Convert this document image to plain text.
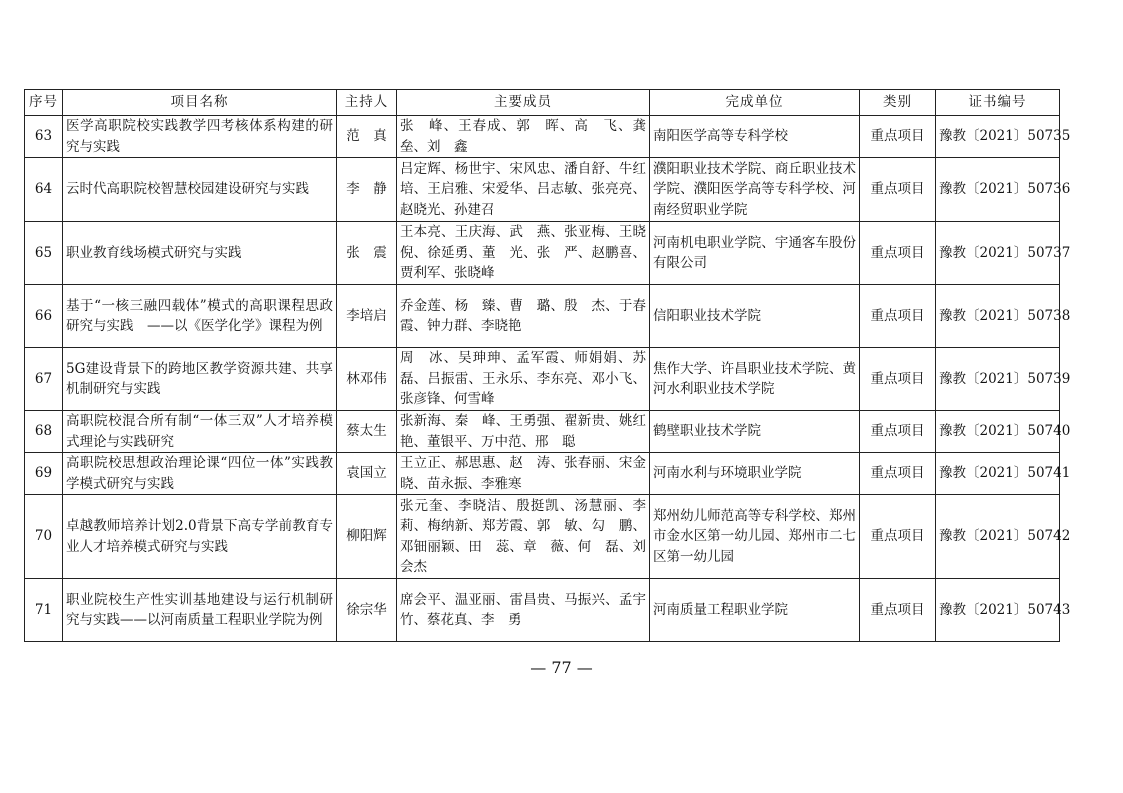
序号	项目名称	主持人	主要成员	完成单位	类别	证书编号
63	医学高职院校实践教学四考核体系构建的研究与实践	范　真	张　峰、王春成、郭　晖、高　飞、龚　垒、刘　鑫	南阳医学高等专科学校	重点项目	豫教〔2021〕50735
64	云时代高职院校智慧校园建设研究与实践	李　静	吕定辉、杨世宇、宋风忠、潘自舒、牛红培、王启雅、宋爱华、吕志敏、张亮亮、赵晓光、孙建召	濮阳职业技术学院、商丘职业技术学院、濮阳医学高等专科学校、河南经贸职业学院	重点项目	豫教〔2021〕50736
65	职业教育线场模式研究与实践	张　震	王本亮、王庆海、武　燕、张亚梅、王晓倪、徐延勇、董　光、张　严、赵鹏喜、贾利军、张晓峰	河南机电职业学院、宇通客车股份有限公司	重点项目	豫教〔2021〕50737
66	基于“一核三融四载体”模式的高职课程思政研究与实践　——以《医学化学》课程为例	李培启	乔金莲、杨　臻、曹　璐、殷　杰、于春霞、钟力群、李晓艳	信阳职业技术学院	重点项目	豫教〔2021〕50738
67	5G建设背景下的跨地区教学资源共建、共享机制研究与实践	林邓伟	周　冰、吴珅珅、孟军霞、师娟娟、苏　磊、吕振雷、王永乐、李东亮、邓小飞、张彦锋、何雪峰	焦作大学、许昌职业技术学院、黄河水利职业技术学院	重点项目	豫教〔2021〕50739
68	高职院校混合所有制“一体三双”人才培养模式理论与实践研究	蔡太生	张新海、秦　峰、王勇强、翟新贵、姚红艳、董银平、万中范、邢　聪	鹤壁职业技术学院	重点项目	豫教〔2021〕50740
69	高职院校思想政治理论课“四位一体”实践教学模式研究与实践	袁国立	王立正、郝思惠、赵　涛、张春丽、宋金晓、苗永振、李雅寒	河南水利与环境职业学院	重点项目	豫教〔2021〕50741
70	卓越教师培养计划2.0背景下高专学前教育专业人才培养模式研究与实践	柳阳辉	张元奎、李晓洁、殷挺凯、汤慧丽、李　莉、梅纳新、郑芳霞、郭　敏、勾　鹏、邓钿丽颖、田　蕊、章　薇、何　磊、刘会杰	郑州幼儿师范高等专科学校、郑州市金水区第一幼儿园、郑州市二七区第一幼儿园	重点项目	豫教〔2021〕50742
71	职业院校生产性实训基地建设与运行机制研究与实践——以河南质量工程职业学院为例	徐宗华	席会平、温亚丽、雷昌贵、马振兴、孟宇竹、蔡花真、李　勇	河南质量工程职业学院	重点项目	豫教〔2021〕50743
— 77 —
